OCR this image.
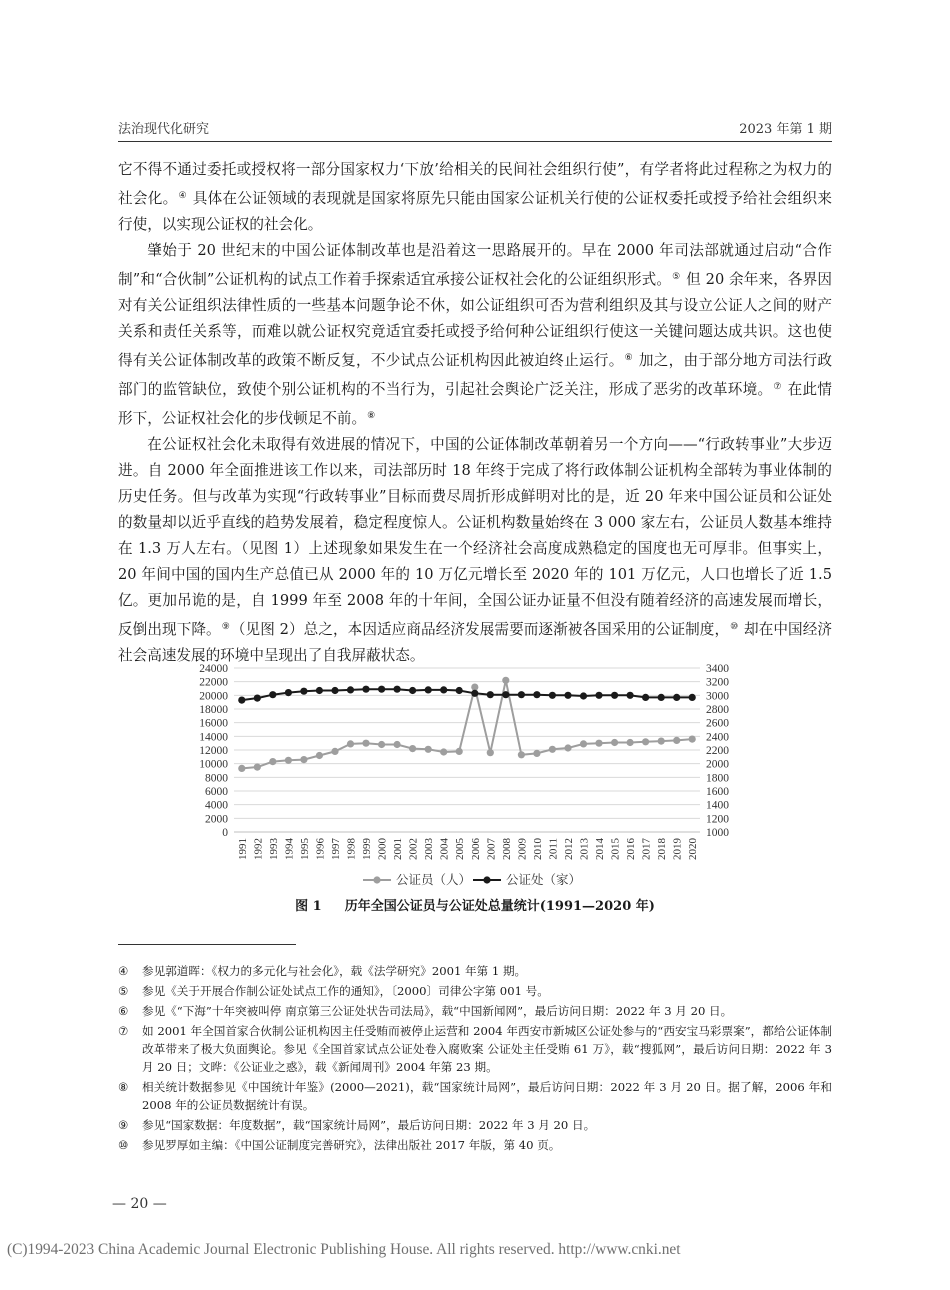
法治现代化研究	2023 年第 1 期

它不得不通过委托或授权将一部分国家权力‘下放’给相关的民间社会组织行使”，有学者将此过程称之为权力的社会化。④ 具体在公证领域的表现就是国家将原先只能由国家公证机关行使的公证权委托或授予给社会组织来行使，以实现公证权的社会化。

肇始于 20 世纪末的中国公证体制改革也是沿着这一思路展开的。早在 2000 年司法部就通过启动“合作制”和“合伙制”公证机构的试点工作着手探索适宜承接公证权社会化的公证组织形式。⑤ 但 20 余年来，各界因对有关公证组织法律性质的一些基本问题争论不休，如公证组织可否为营利组织及其与设立公证人之间的财产关系和责任关系等，而难以就公证权究竟适宜委托或授予给何种公证组织行使这一关键问题达成共识。这也使得有关公证体制改革的政策不断反复，不少试点公证机构因此被迫终止运行。⑥ 加之，由于部分地方司法行政部门的监管缺位，致使个别公证机构的不当行为，引起社会舆论广泛关注，形成了恶劣的改革环境。⑦ 在此情形下，公证权社会化的步伐顿足不前。⑧

在公证权社会化未取得有效进展的情况下，中国的公证体制改革朝着另一个方向——“行政转事业”大步迈进。自 2000 年全面推进该工作以来，司法部历时 18 年终于完成了将行政体制公证机构全部转为事业体制的历史任务。但与改革为实现“行政转事业”目标而费尽周折形成鲜明对比的是，近 20 年来中国公证员和公证处的数量却以近乎直线的趋势发展着，稳定程度惊人。公证机构数量始终在 3 000 家左右，公证员人数基本维持在 1.3 万人左右。（见图 1）上述现象如果发生在一个经济社会高度成熟稳定的国度也无可厚非。但事实上，20 年间中国的国内生产总值已从 2000 年的 10 万亿元增长至 2020 年的 101 万亿元，人口也增长了近 1.5 亿。更加吊诡的是，自 1999 年至 2008 年的十年间，全国公证办证量不但没有随着经济的高速发展而增长，反倒出现下降。⑨（见图 2）总之，本因适应商品经济发展需要而逐渐被各国采用的公证制度，⑩ 却在中国经济社会高速发展的环境中呈现出了自我屏蔽状态。

0	1000
2000	1200
4000	1400
6000	1600
8000	1800
10000	2000
12000	2200
14000	2400
16000	2600
18000	2800
20000	3000
22000	3200
24000	3400
1991 1992 1993 1994 1995 1996 1997 1998 1999 2000 2001 2002 2003 2004 2005 2006 2007 2008 2009 2010 2011 2012 2013 2014 2015 2016 2017 2018 2019 2020
公证员（人）	公证处（家）
图 1 历年全国公证员与公证处总量统计(1991—2020 年)
④	参见郭道晖：《权力的多元化与社会化》，载《法学研究》2001 年第 1 期。
⑤	参见《关于开展合作制公证处试点工作的通知》，〔2000〕司律公字第 001 号。
⑥	参见《“下海”十年突被叫停 南京第三公证处状告司法局》，载“中国新闻网”，最后访问日期：2022 年 3 月 20 日。
⑦	如 2001 年全国首家合伙制公证机构因主任受贿而被停止运营和 2004 年西安市新城区公证处参与的“西安宝马彩票案”，都给公证体制改革带来了极大负面舆论。参见《全国首家试点公证处卷入腐败案 公证处主任受贿 61 万》，载“搜狐网”，最后访问日期：2022 年 3 月 20 日；文晔：《公证业之惑》，载《新闻周刊》2004 年第 23 期。
⑧	相关统计数据参见《中国统计年鉴》(2000—2021)，载“国家统计局网”，最后访问日期：2022 年 3 月 20 日。据了解，2006 年和 2008 年的公证员数据统计有误。
⑨	参见“国家数据：年度数据”，载“国家统计局网”，最后访问日期：2022 年 3 月 20 日。
⑩	参见罗厚如主编：《中国公证制度完善研究》，法律出版社 2017 年版，第 40 页。
— 20 —
(C)1994-2023 China Academic Journal Electronic Publishing House. All rights reserved. http://www.cnki.net
